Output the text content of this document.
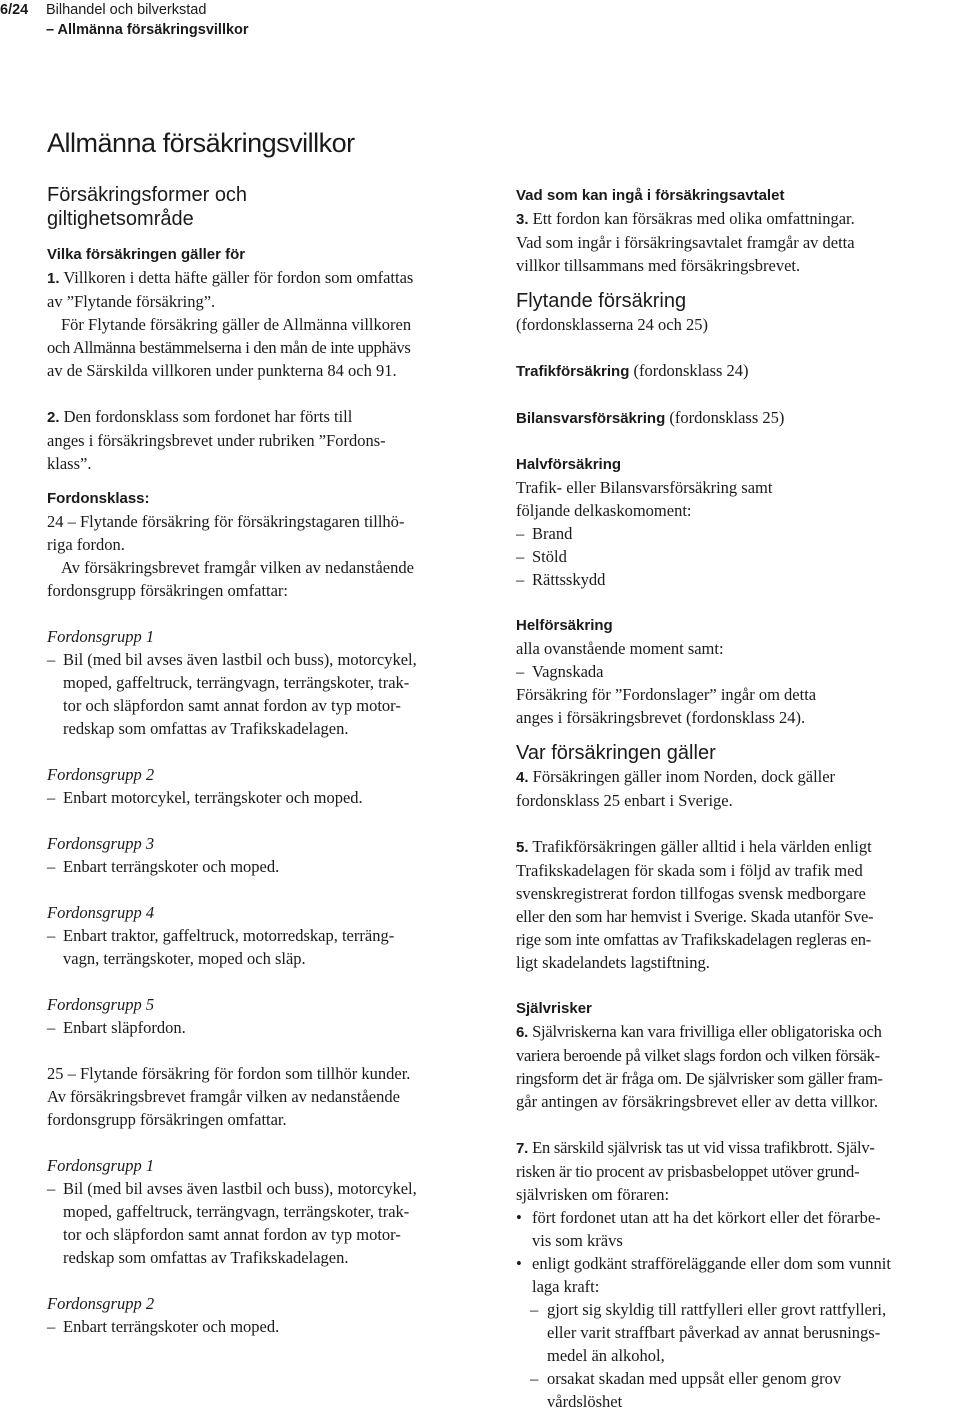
6/24 Bilhandel och bilverkstad
– Allmänna försäkringsvillkor
Allmänna försäkringsvillkor
Försäkringsformer och
giltighetsområde
Vilka försäkringen gäller för
1. Villkoren i detta häfte gäller för fordon som omfattas
av ”Flytande försäkring”.
För Flytande försäkring gäller de Allmänna villkoren
och Allmänna bestämmelserna i den mån de inte upphävs
av de Särskilda villkoren under punkterna 84 och 91.
2. Den fordonsklass som fordonet har förts till
anges i försäkringsbrevet under rubriken ”Fordons-
klass”.
Fordonsklass:
24 – Flytande försäkring för försäkringstagaren tillhö-
riga fordon.
Av försäkringsbrevet framgår vilken av nedanstående
fordonsgrupp försäkringen omfattar:
Fordonsgrupp 1
– Bil (med bil avses även lastbil och buss), motorcykel,
moped, gaffeltruck, terrängvagn, terrängskoter, trak-
tor och släpfordon samt annat fordon av typ motor-
redskap som omfattas av Trafikskadelagen.
Fordonsgrupp 2
– Enbart motorcykel, terrängskoter och moped.
Fordonsgrupp 3
– Enbart terrängskoter och moped.
Fordonsgrupp 4
– Enbart traktor, gaffeltruck, motorredskap, terräng-
vagn, terrängskoter, moped och släp.
Fordonsgrupp 5
– Enbart släpfordon.
25 – Flytande försäkring för fordon som tillhör kunder.
Av försäkringsbrevet framgår vilken av nedanstående
fordonsgrupp försäkringen omfattar.
Fordonsgrupp 1
– Bil (med bil avses även lastbil och buss), motorcykel,
moped, gaffeltruck, terrängvagn, terrängskoter, trak-
tor och släpfordon samt annat fordon av typ motor-
redskap som omfattas av Trafikskadelagen.
Fordonsgrupp 2
– Enbart terrängskoter och moped.
Vad som kan ingå i försäkringsavtalet
3. Ett fordon kan försäkras med olika omfattningar.
Vad som ingår i försäkringsavtalet framgår av detta
villkor tillsammans med försäkringsbrevet.
Flytande försäkring
(fordonsklasserna 24 och 25)
Trafikförsäkring (fordonsklass 24)
Bilansvarsförsäkring (fordonsklass 25)
Halvförsäkring
Trafik- eller Bilansvarsförsäkring samt
följande delkaskomoment:
– Brand
– Stöld
– Rättsskydd
Helförsäkring
alla ovanstående moment samt:
– Vagnskada
Försäkring för ”Fordonslager” ingår om detta
anges i försäkringsbrevet (fordonsklass 24).
Var försäkringen gäller
4. Försäkringen gäller inom Norden, dock gäller
fordonsklass 25 enbart i Sverige.
5. Trafikförsäkringen gäller alltid i hela världen enligt
Trafikskadelagen för skada som i följd av trafik med
svenskregistrerat fordon tillfogas svensk medborgare
eller den som har hemvist i Sverige. Skada utanför Sve-
rige som inte omfattas av Trafikskadelagen regleras en-
ligt skadelandets lagstiftning.
Självrisker
6. Självriskerna kan vara frivilliga eller obligatoriska och
variera beroende på vilket slags fordon och vilken försäk-
ringsform det är fråga om. De självrisker som gäller fram-
går antingen av försäkringsbrevet eller av detta villkor.
7. En särskild självrisk tas ut vid vissa trafikbrott. Själv-
risken är tio procent av prisbasbeloppet utöver grund-
självrisken om föraren:
• fört fordonet utan att ha det körkort eller det förarbe-
vis som krävs
• enligt godkänt strafföreläggande eller dom som vunnit
laga kraft:
– gjort sig skyldig till rattfylleri eller grovt rattfylleri,
eller varit straffbart påverkad av annat berusnings-
medel än alkohol,
– orsakat skadan med uppsåt eller genom grov
vårdslöshet
